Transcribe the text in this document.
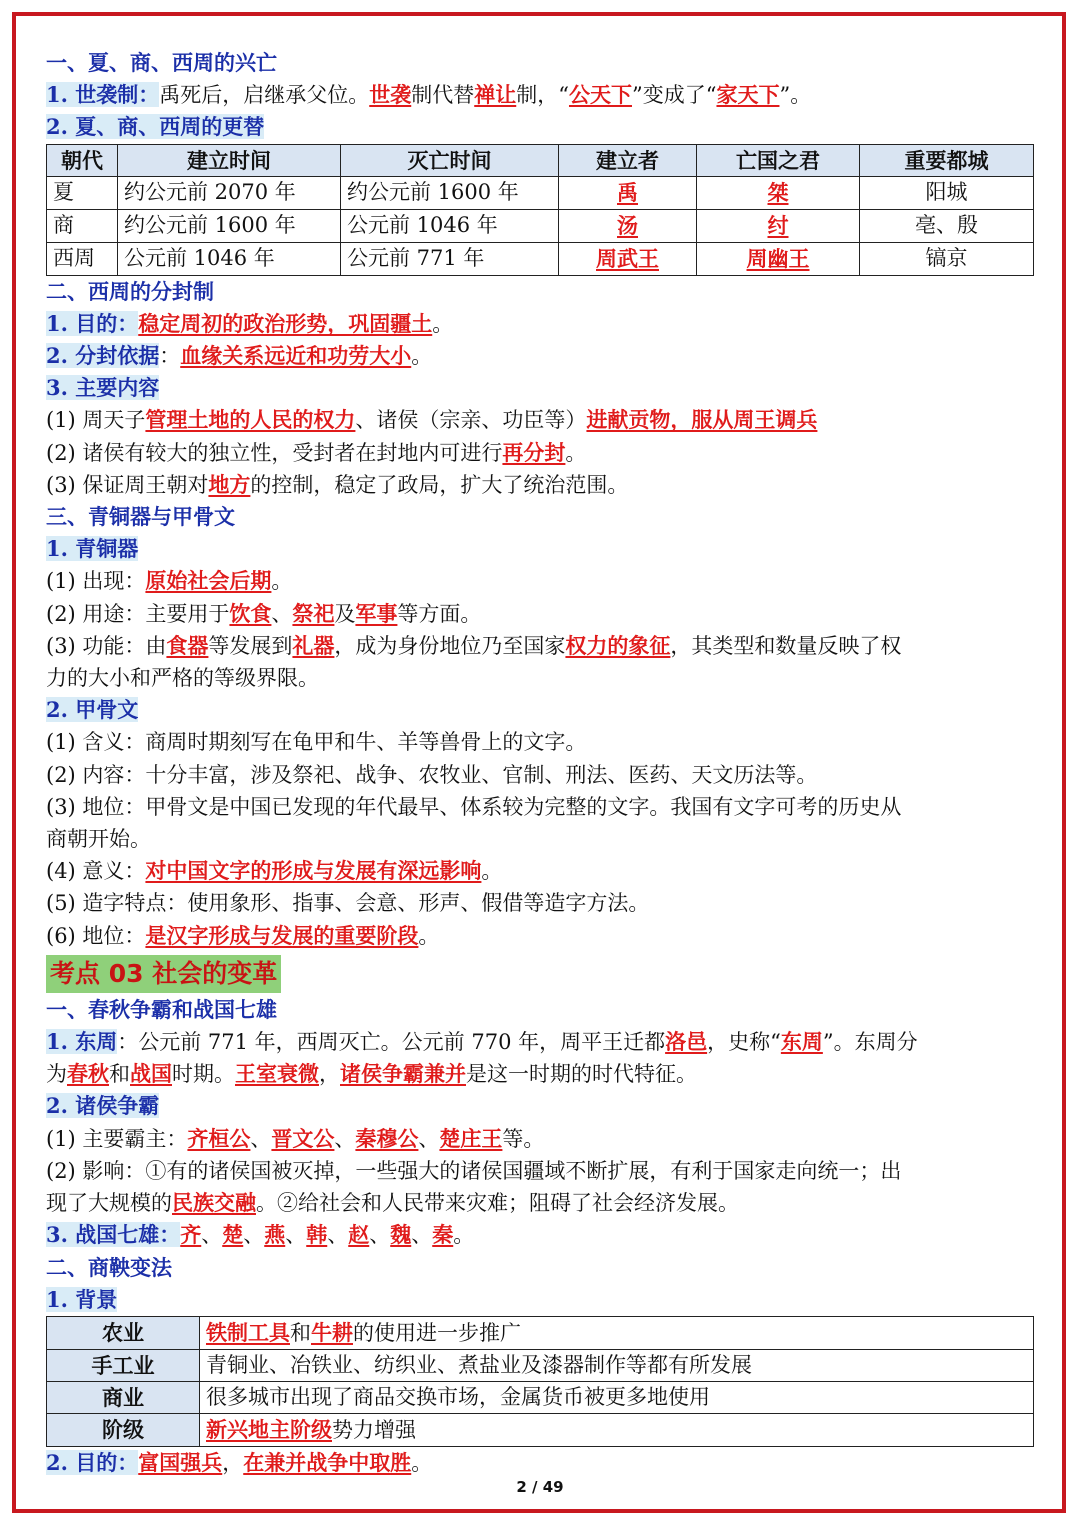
一、夏、商、西周的兴亡
1. 世袭制：禹死后，启继承父位。世袭制代替禅让制，“公天下”变成了“家天下”。
2. 夏、商、西周的更替
朝代	建立时间	灭亡时间	建立者	亡国之君	重要都城
夏	约公元前 2070 年	约公元前 1600 年	禹	桀	阳城
商	约公元前 1600 年	公元前 1046 年	汤	纣	亳、殷
西周	公元前 1046 年	公元前 771 年	周武王	周幽王	镐京
二、西周的分封制
1. 目的：稳定周初的政治形势，巩固疆土。
2. 分封依据：血缘关系远近和功劳大小。
3. 主要内容
(1) 周天子管理土地的人民的权力、诸侯（宗亲、功臣等）进献贡物，服从周王调兵
(2) 诸侯有较大的独立性，受封者在封地内可进行再分封。
(3) 保证周王朝对地方的控制，稳定了政局，扩大了统治范围。
三、青铜器与甲骨文
1. 青铜器
(1) 出现：原始社会后期。
(2) 用途：主要用于饮食、祭祀及军事等方面。
(3) 功能：由食器等发展到礼器，成为身份地位乃至国家权力的象征，其类型和数量反映了权
力的大小和严格的等级界限。
2. 甲骨文
(1) 含义：商周时期刻写在龟甲和牛、羊等兽骨上的文字。
(2) 内容：十分丰富，涉及祭祀、战争、农牧业、官制、刑法、医药、天文历法等。
(3) 地位：甲骨文是中国已发现的年代最早、体系较为完整的文字。我国有文字可考的历史从
商朝开始。
(4) 意义：对中国文字的形成与发展有深远影响。
(5) 造字特点：使用象形、指事、会意、形声、假借等造字方法。
(6) 地位：是汉字形成与发展的重要阶段。
考点 03 社会的变革
一、春秋争霸和战国七雄
1. 东周：公元前 771 年，西周灭亡。公元前 770 年，周平王迁都洛邑，史称“东周”。东周分
为春秋和战国时期。王室衰微，诸侯争霸兼并是这一时期的时代特征。
2. 诸侯争霸
(1) 主要霸主：齐桓公、晋文公、秦穆公、楚庄王等。
(2) 影响：①有的诸侯国被灭掉，一些强大的诸侯国疆域不断扩展，有利于国家走向统一；出
现了大规模的民族交融。②给社会和人民带来灾难；阻碍了社会经济发展。
3. 战国七雄：齐、楚、燕、韩、赵、魏、秦。
二、商鞅变法
1. 背景
农业	铁制工具和牛耕的使用进一步推广
手工业	青铜业、冶铁业、纺织业、煮盐业及漆器制作等都有所发展
商业	很多城市出现了商品交换市场，金属货币被更多地使用
阶级	新兴地主阶级势力增强
2. 目的：富国强兵，在兼并战争中取胜。
2 / 49
